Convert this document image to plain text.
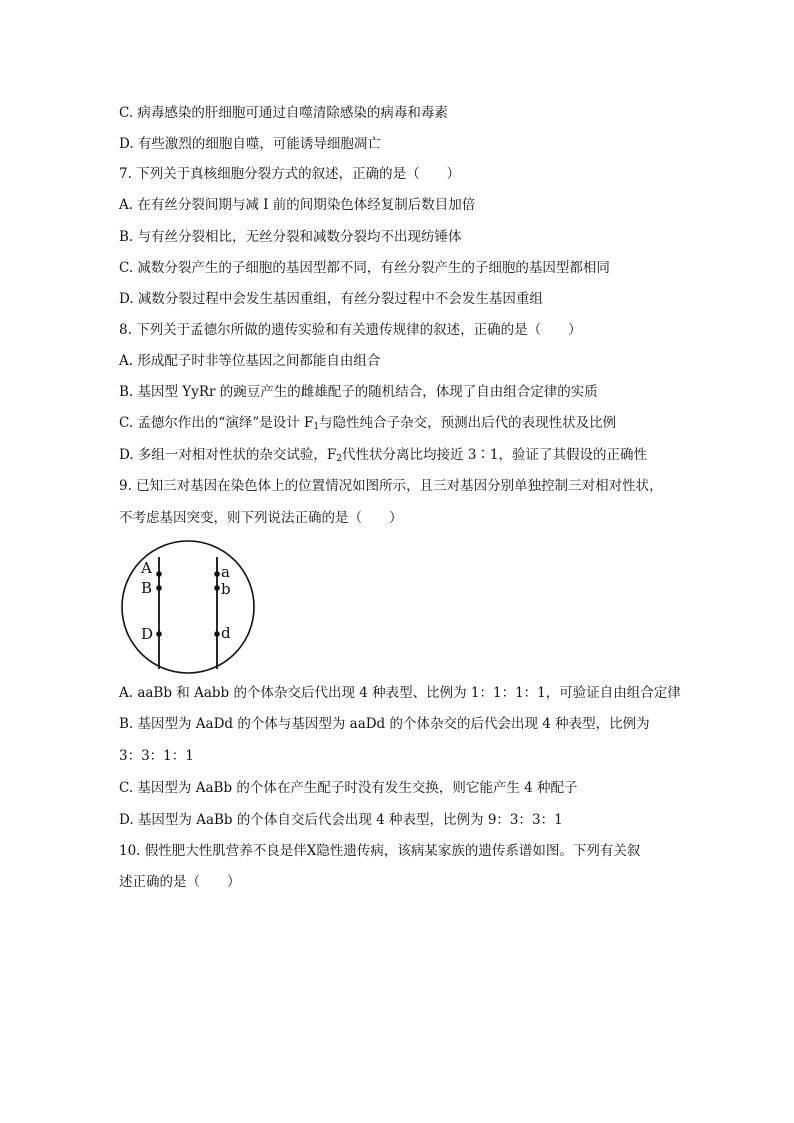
C. 病毒感染的肝细胞可通过自噬清除感染的病毒和毒素
D. 有些激烈的细胞自噬，可能诱导细胞凋亡
7. 下列关于真核细胞分裂方式的叙述，正确的是（　　）
A. 在有丝分裂间期与减 I 前的间期染色体经复制后数目加倍
B. 与有丝分裂相比，无丝分裂和减数分裂均不出现纺锤体
C. 减数分裂产生的子细胞的基因型都不同，有丝分裂产生的子细胞的基因型都相同
D. 减数分裂过程中会发生基因重组，有丝分裂过程中不会发生基因重组
8. 下列关于孟德尔所做的遗传实验和有关遗传规律的叙述，正确的是（　　）
A. 形成配子时非等位基因之间都能自由组合
B. 基因型 YyRr 的豌豆产生的雌雄配子的随机结合，体现了自由组合定律的实质
C. 孟德尔作出的“演绎”是设计 $F_1$与隐性纯合子杂交，预测出后代的表现性状及比例
D. 多组一对相对性状的杂交试验，$F_2$代性状分离比均接近 3∶1，验证了其假设的正确性
9. 已知三对基因在染色体上的位置情况如图所示，且三对基因分别单独控制三对相对性状，
不考虑基因突变，则下列说法正确的是（　　）
A
B
D
a
b
d
A. aaBb 和 Aabb 的个体杂交后代出现 4 种表型、比例为 1：1：1：1，可验证自由组合定律
B. 基因型为 AaDd 的个体与基因型为 aaDd 的个体杂交的后代会出现 4 种表型，比例为
3：3：1：1
C. 基因型为 AaBb 的个体在产生配子时没有发生交换，则它能产生 4 种配子
D. 基因型为 AaBb 的个体自交后代会出现 4 种表型，比例为 9：3：3：1
10. 假性肥大性肌营养不良是伴X隐性遗传病，该病某家族的遗传系谱如图。下列有关叙
述正确的是（　　）
